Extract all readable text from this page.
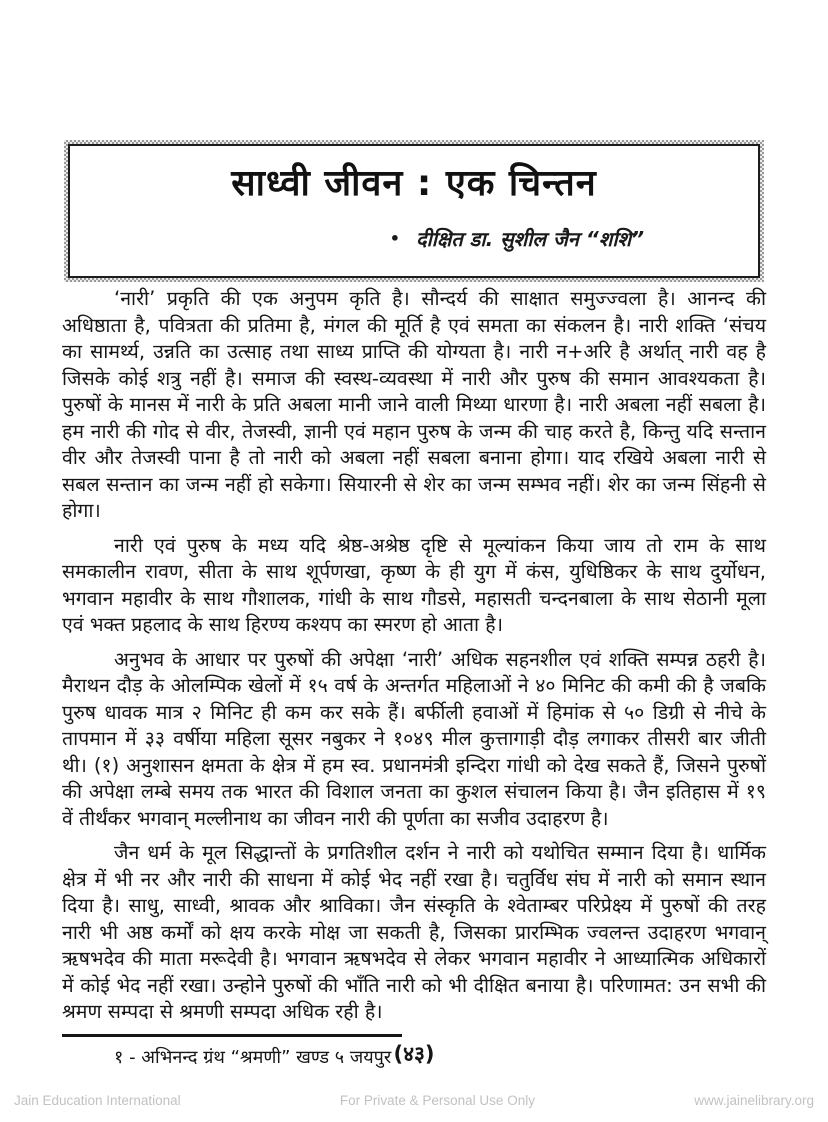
साध्वी जीवन : एक चिन्तन
• दीक्षित डा. सुशील जैन “शशि”

‘नारी’ प्रकृति की एक अनुपम कृति है। सौन्दर्य की साक्षात समुज्ज्वला है। आनन्द की अधिष्ठाता है, पवित्रता की प्रतिमा है, मंगल की मूर्ति है एवं समता का संकलन है। नारी शक्ति ‘संचय का सामर्थ्य, उन्नति का उत्साह तथा साध्य प्राप्ति की योग्यता है। नारी न+अरि है अर्थात् नारी वह है जिसके कोई शत्रु नहीं है। समाज की स्वस्थ-व्यवस्था में नारी और पुरुष की समान आवश्यकता है। पुरुषों के मानस में नारी के प्रति अबला मानी जाने वाली मिथ्या धारणा है। नारी अबला नहीं सबला है। हम नारी की गोद से वीर, तेजस्वी, ज्ञानी एवं महान पुरुष के जन्म की चाह करते है, किन्तु यदि सन्तान वीर और तेजस्वी पाना है तो नारी को अबला नहीं सबला बनाना होगा। याद रखिये अबला नारी से सबल सन्तान का जन्म नहीं हो सकेगा। सियारनी से शेर का जन्म सम्भव नहीं। शेर का जन्म सिंहनी से होगा।

नारी एवं पुरुष के मध्य यदि श्रेष्ठ-अश्रेष्ठ दृष्टि से मूल्यांकन किया जाय तो राम के साथ समकालीन रावण, सीता के साथ शूर्पणखा, कृष्ण के ही युग में कंस, युधिष्ठिकर के साथ दुर्योधन, भगवान महावीर के साथ गौशालक, गांधी के साथ गौडसे, महासती चन्दनबाला के साथ सेठानी मूला एवं भक्त प्रहलाद के साथ हिरण्य कश्यप का स्मरण हो आता है।

अनुभव के आधार पर पुरुषों की अपेक्षा ‘नारी’ अधिक सहनशील एवं शक्ति सम्पन्न ठहरी है। मैराथन दौड़ के ओलम्पिक खेलों में १५ वर्ष के अन्तर्गत महिलाओं ने ४० मिनिट की कमी की है जबकि पुरुष धावक मात्र २ मिनिट ही कम कर सके हैं। बर्फीली हवाओं में हिमांक से ५० डिग्री से नीचे के तापमान में ३३ वर्षीया महिला सूसर नबुकर ने १०४९ मील कुत्तागाड़ी दौड़ लगाकर तीसरी बार जीती थी। (१) अनुशासन क्षमता के क्षेत्र में हम स्व. प्रधानमंत्री इन्दिरा गांधी को देख सकते हैं, जिसने पुरुषों की अपेक्षा लम्बे समय तक भारत की विशाल जनता का कुशल संचालन किया है। जैन इतिहास में १९ वें तीर्थंकर भगवान् मल्लीनाथ का जीवन नारी की पूर्णता का सजीव उदाहरण है।

जैन धर्म के मूल सिद्धान्तों के प्रगतिशील दर्शन ने नारी को यथोचित सम्मान दिया है। धार्मिक क्षेत्र में भी नर और नारी की साधना में कोई भेद नहीं रखा है। चतुर्विध संघ में नारी को समान स्थान दिया है। साधु, साध्वी, श्रावक और श्राविका। जैन संस्कृति के श्वेताम्बर परिप्रेक्ष्य में पुरुषों की तरह नारी भी अष्ठ कर्मों को क्षय करके मोक्ष जा सकती है, जिसका प्रारम्भिक ज्वलन्त उदाहरण भगवान् ऋषभदेव की माता मरूदेवी है। भगवान ऋषभदेव से लेकर भगवान महावीर ने आध्यात्मिक अधिकारों में कोई भेद नहीं रखा। उन्होने पुरुषों की भाँति नारी को भी दीक्षित बनाया है। परिणामत: उन सभी की श्रमण सम्पदा से श्रमणी सम्पदा अधिक रही है।

१ - अभिनन्द ग्रंथ “श्रमणी” खण्ड ५ जयपुर (४३)
Jain Education International	For Private & Personal Use Only	www.jainelibrary.org
